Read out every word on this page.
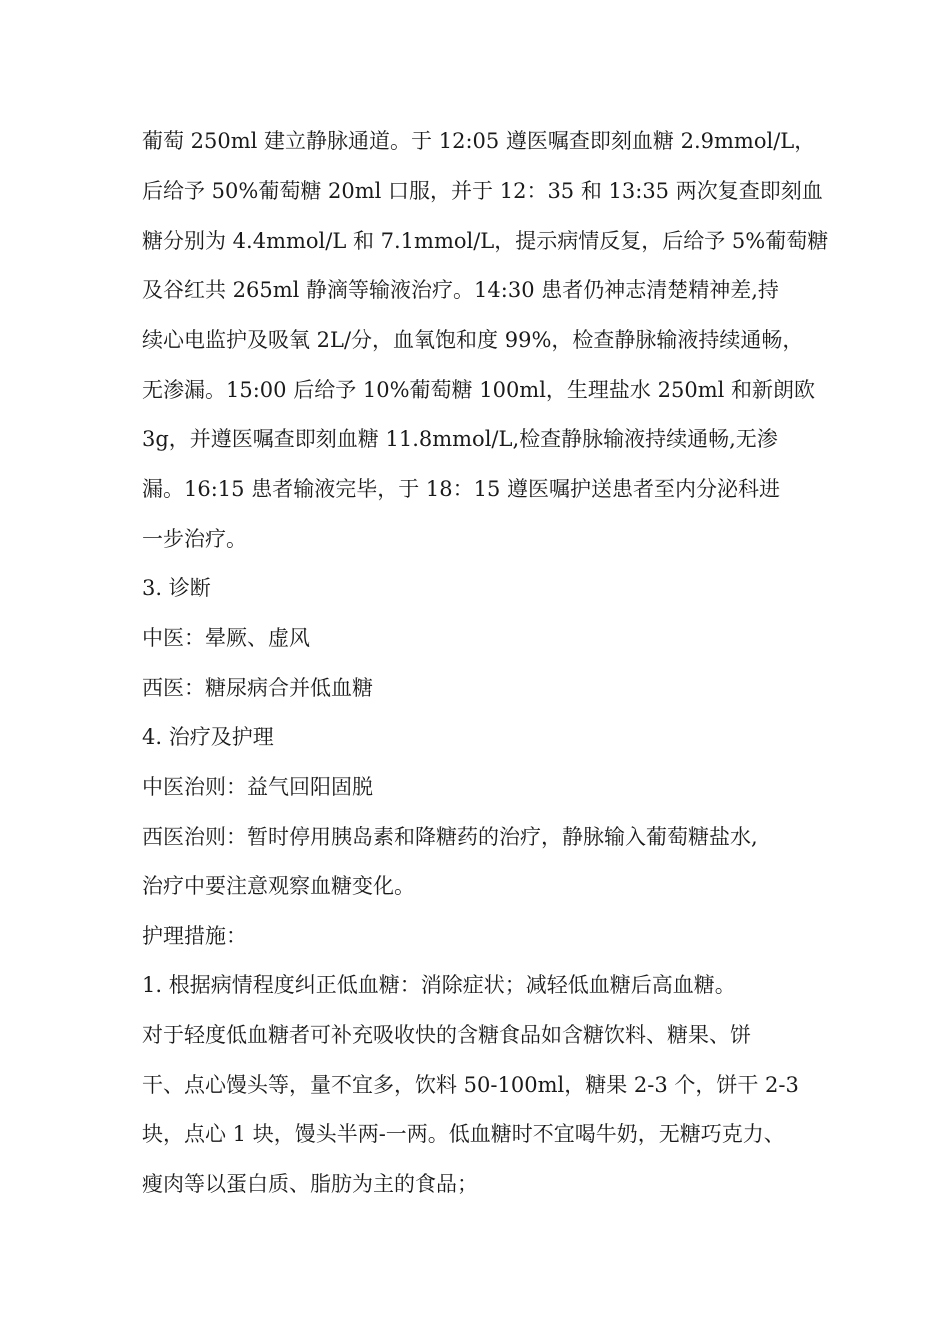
葡萄 250ml 建立静脉通道。于 12:05 遵医嘱查即刻血糖 2.9mmol/L，
后给予 50%葡萄糖 20ml 口服，并于 12：35 和 13:35 两次复查即刻血
糖分别为 4.4mmol/L 和 7.1mmol/L，提示病情反复，后给予 5%葡萄糖
及谷红共 265ml 静滴等输液治疗。14:30 患者仍神志清楚精神差,持
续心电监护及吸氧 2L/分，血氧饱和度 99%，检查静脉输液持续通畅，
无渗漏。15:00 后给予 10%葡萄糖 100ml，生理盐水 250ml 和新朗欧
3g，并遵医嘱查即刻血糖 11.8mmol/L,检查静脉输液持续通畅,无渗
漏。16:15 患者输液完毕，于 18：15 遵医嘱护送患者至内分泌科进
一步治疗。
3. 诊断
中医：晕厥、虚风
西医：糖尿病合并低血糖
4. 治疗及护理
中医治则：益气回阳固脱
西医治则：暂时停用胰岛素和降糖药的治疗，静脉输入葡萄糖盐水,
治疗中要注意观察血糖变化。
护理措施：
1. 根据病情程度纠正低血糖：消除症状；减轻低血糖后高血糖。
对于轻度低血糖者可补充吸收快的含糖食品如含糖饮料、糖果、饼
干、点心馒头等，量不宜多，饮料 50-100ml，糖果 2-3 个，饼干 2-3
块，点心 1 块，馒头半两-一两。低血糖时不宜喝牛奶，无糖巧克力、
瘦肉等以蛋白质、脂肪为主的食品；
